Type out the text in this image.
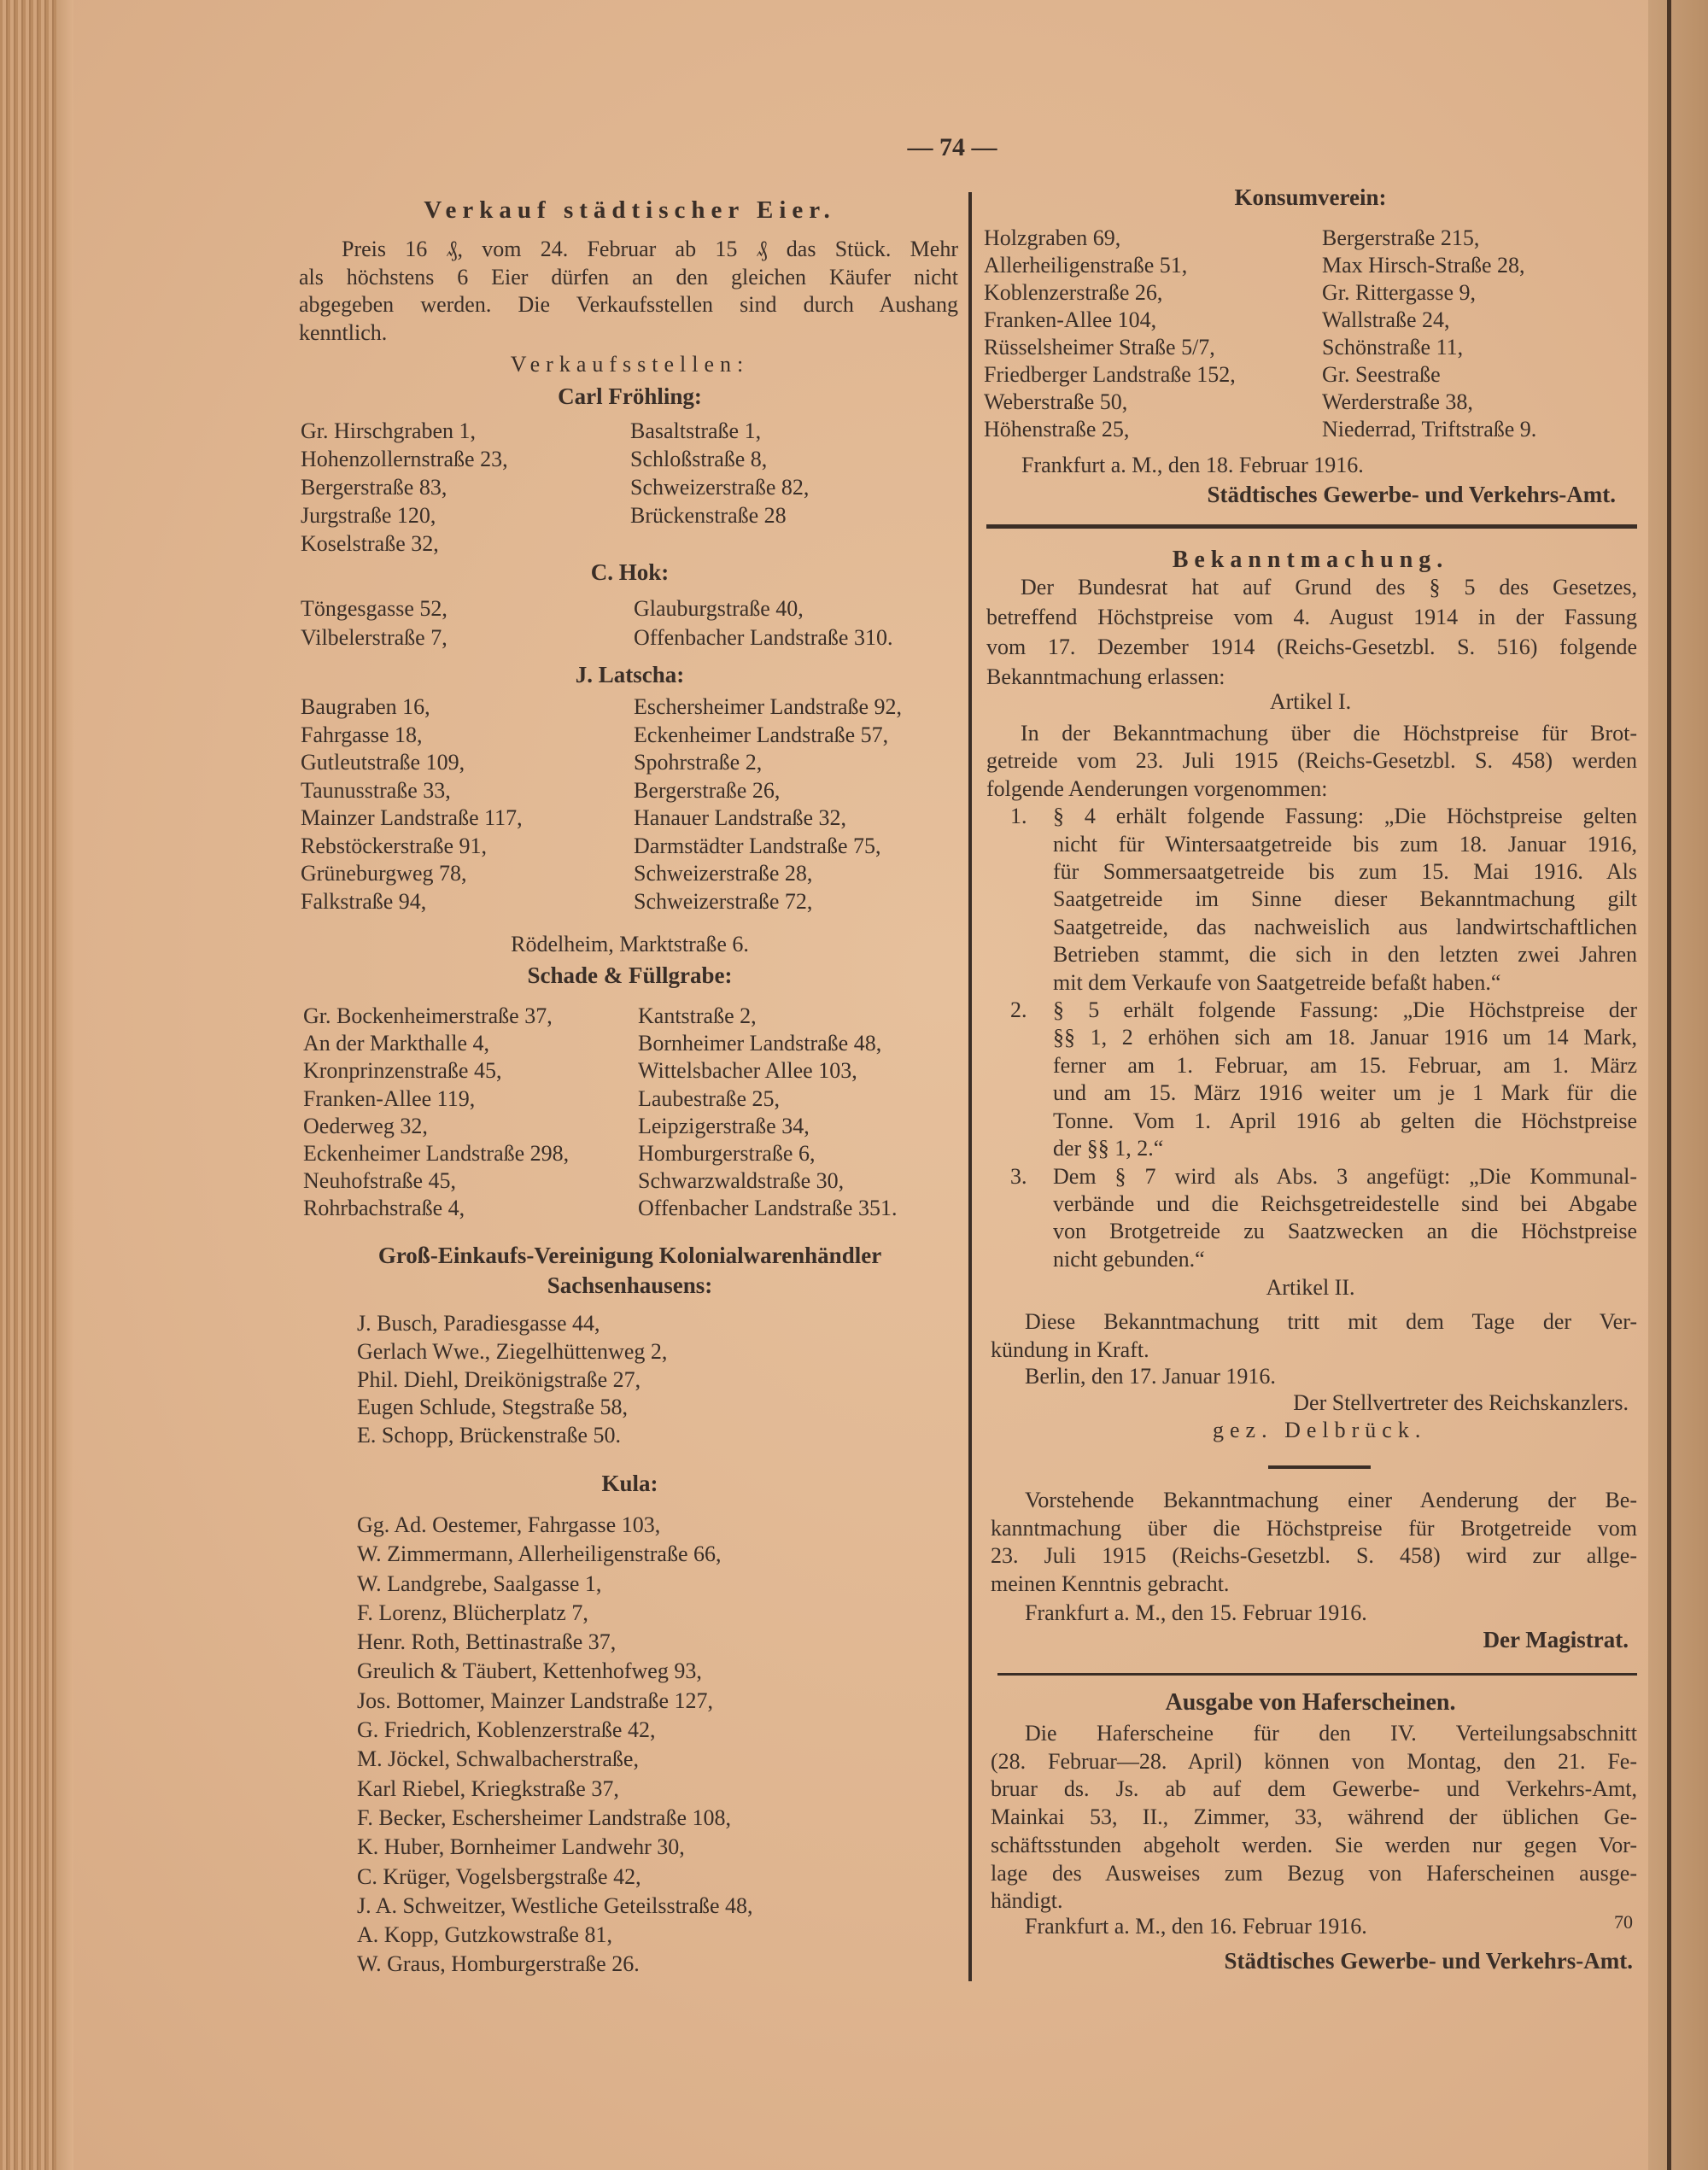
— 74 —
Verkauf städtischer Eier.
Preis 16 ₰, vom 24. Februar ab 15 ₰ das Stück. Mehr
als höchstens 6 Eier dürfen an den gleichen Käufer nicht
abgegeben werden. Die Verkaufsstellen sind durch Aushang
kenntlich.
Verkaufsstellen:
Carl Fröhling:
Gr. Hirschgraben 1,	Basaltstraße 1,
Hohenzollernstraße 23,	Schloßstraße 8,
Bergerstraße 83,	Schweizerstraße 82,
Jurgstraße 120,	Brückenstraße 28
Koselstraße 32,
C. Hok:
Töngesgasse 52,	Glauburgstraße 40,
Vilbelerstraße 7,	Offenbacher Landstraße 310.
J. Latscha:
Baugraben 16,	Eschersheimer Landstraße 92,
Fahrgasse 18,	Eckenheimer Landstraße 57,
Gutleutstraße 109,	Spohrstraße 2,
Taunusstraße 33,	Bergerstraße 26,
Mainzer Landstraße 117,	Hanauer Landstraße 32,
Rebstöckerstraße 91,	Darmstädter Landstraße 75,
Grüneburgweg 78,	Schweizerstraße 28,
Falkstraße 94,	Schweizerstraße 72,
Rödelheim, Marktstraße 6.
Schade & Füllgrabe:
Gr. Bockenheimerstraße 37,	Kantstraße 2,
An der Markthalle 4,	Bornheimer Landstraße 48,
Kronprinzenstraße 45,	Wittelsbacher Allee 103,
Franken-Allee 119,	Laubestraße 25,
Oederweg 32,	Leipzigerstraße 34,
Eckenheimer Landstraße 298,	Homburgerstraße 6,
Neuhofstraße 45,	Schwarzwaldstraße 30,
Rohrbachstraße 4,	Offenbacher Landstraße 351.
Groß-Einkaufs-Vereinigung Kolonialwarenhändler
Sachsenhausens:
J. Busch, Paradiesgasse 44,
Gerlach Wwe., Ziegelhüttenweg 2,
Phil. Diehl, Dreikönigstraße 27,
Eugen Schlude, Stegstraße 58,
E. Schopp, Brückenstraße 50.
Kula:
Gg. Ad. Oestemer, Fahrgasse 103,
W. Zimmermann, Allerheiligenstraße 66,
W. Landgrebe, Saalgasse 1,
F. Lorenz, Blücherplatz 7,
Henr. Roth, Bettinastraße 37,
Greulich & Täubert, Kettenhofweg 93,
Jos. Bottomer, Mainzer Landstraße 127,
G. Friedrich, Koblenzerstraße 42,
M. Jöckel, Schwalbacherstraße,
Karl Riebel, Kriegkstraße 37,
F. Becker, Eschersheimer Landstraße 108,
K. Huber, Bornheimer Landwehr 30,
C. Krüger, Vogelsbergstraße 42,
J. A. Schweitzer, Westliche Geteilsstraße 48,
A. Kopp, Gutzkowstraße 81,
W. Graus, Homburgerstraße 26.
Konsumverein:
Holzgraben 69,	Bergerstraße 215,
Allerheiligenstraße 51,	Max Hirsch-Straße 28,
Koblenzerstraße 26,	Gr. Rittergasse 9,
Franken-Allee 104,	Wallstraße 24,
Rüsselsheimer Straße 5/7,	Schönstraße 11,
Friedberger Landstraße 152,	Gr. Seestraße
Weberstraße 50,	Werderstraße 38,
Höhenstraße 25,	Niederrad, Triftstraße 9.
Frankfurt a. M., den 18. Februar 1916.
Städtisches Gewerbe- und Verkehrs-Amt.
Bekanntmachung.
Der Bundesrat hat auf Grund des § 5 des Gesetzes,
betreffend Höchstpreise vom 4. August 1914 in der Fassung
vom 17. Dezember 1914 (Reichs-Gesetzbl. S. 516) folgende
Bekanntmachung erlassen:
Artikel I.
In der Bekanntmachung über die Höchstpreise für Brot-
getreide vom 23. Juli 1915 (Reichs-Gesetzbl. S. 458) werden
folgende Aenderungen vorgenommen:
1. § 4 erhält folgende Fassung: „Die Höchstpreise gelten
nicht für Wintersaatgetreide bis zum 18. Januar 1916,
für Sommersaatgetreide bis zum 15. Mai 1916. Als
Saatgetreide im Sinne dieser Bekanntmachung gilt
Saatgetreide, das nachweislich aus landwirtschaftlichen
Betrieben stammt, die sich in den letzten zwei Jahren
mit dem Verkaufe von Saatgetreide befaßt haben.“
2. § 5 erhält folgende Fassung: „Die Höchstpreise der
§§ 1, 2 erhöhen sich am 18. Januar 1916 um 14 Mark,
ferner am 1. Februar, am 15. Februar, am 1. März
und am 15. März 1916 weiter um je 1 Mark für die
Tonne. Vom 1. April 1916 ab gelten die Höchstpreise
der §§ 1, 2.“
3. Dem § 7 wird als Abs. 3 angefügt: „Die Kommunal-
verbände und die Reichsgetreidestelle sind bei Abgabe
von Brotgetreide zu Saatzwecken an die Höchstpreise
nicht gebunden.“
Artikel II.
Diese Bekanntmachung tritt mit dem Tage der Ver-
kündung in Kraft.
Berlin, den 17. Januar 1916.
Der Stellvertreter des Reichskanzlers.
gez. Delbrück.
Vorstehende Bekanntmachung einer Aenderung der Be-
kanntmachung über die Höchstpreise für Brotgetreide vom
23. Juli 1915 (Reichs-Gesetzbl. S. 458) wird zur allge-
meinen Kenntnis gebracht.
Frankfurt a. M., den 15. Februar 1916.
Der Magistrat.
Ausgabe von Haferscheinen.
Die Haferscheine für den IV. Verteilungsabschnitt
(28. Februar—28. April) können von Montag, den 21. Fe-
bruar ds. Js. ab auf dem Gewerbe- und Verkehrs-Amt,
Mainkai 53, II., Zimmer, 33, während der üblichen Ge-
schäftsstunden abgeholt werden. Sie werden nur gegen Vor-
lage des Ausweises zum Bezug von Haferscheinen ausge-
händigt.
Frankfurt a. M., den 16. Februar 1916.	70
Städtisches Gewerbe- und Verkehrs-Amt.
